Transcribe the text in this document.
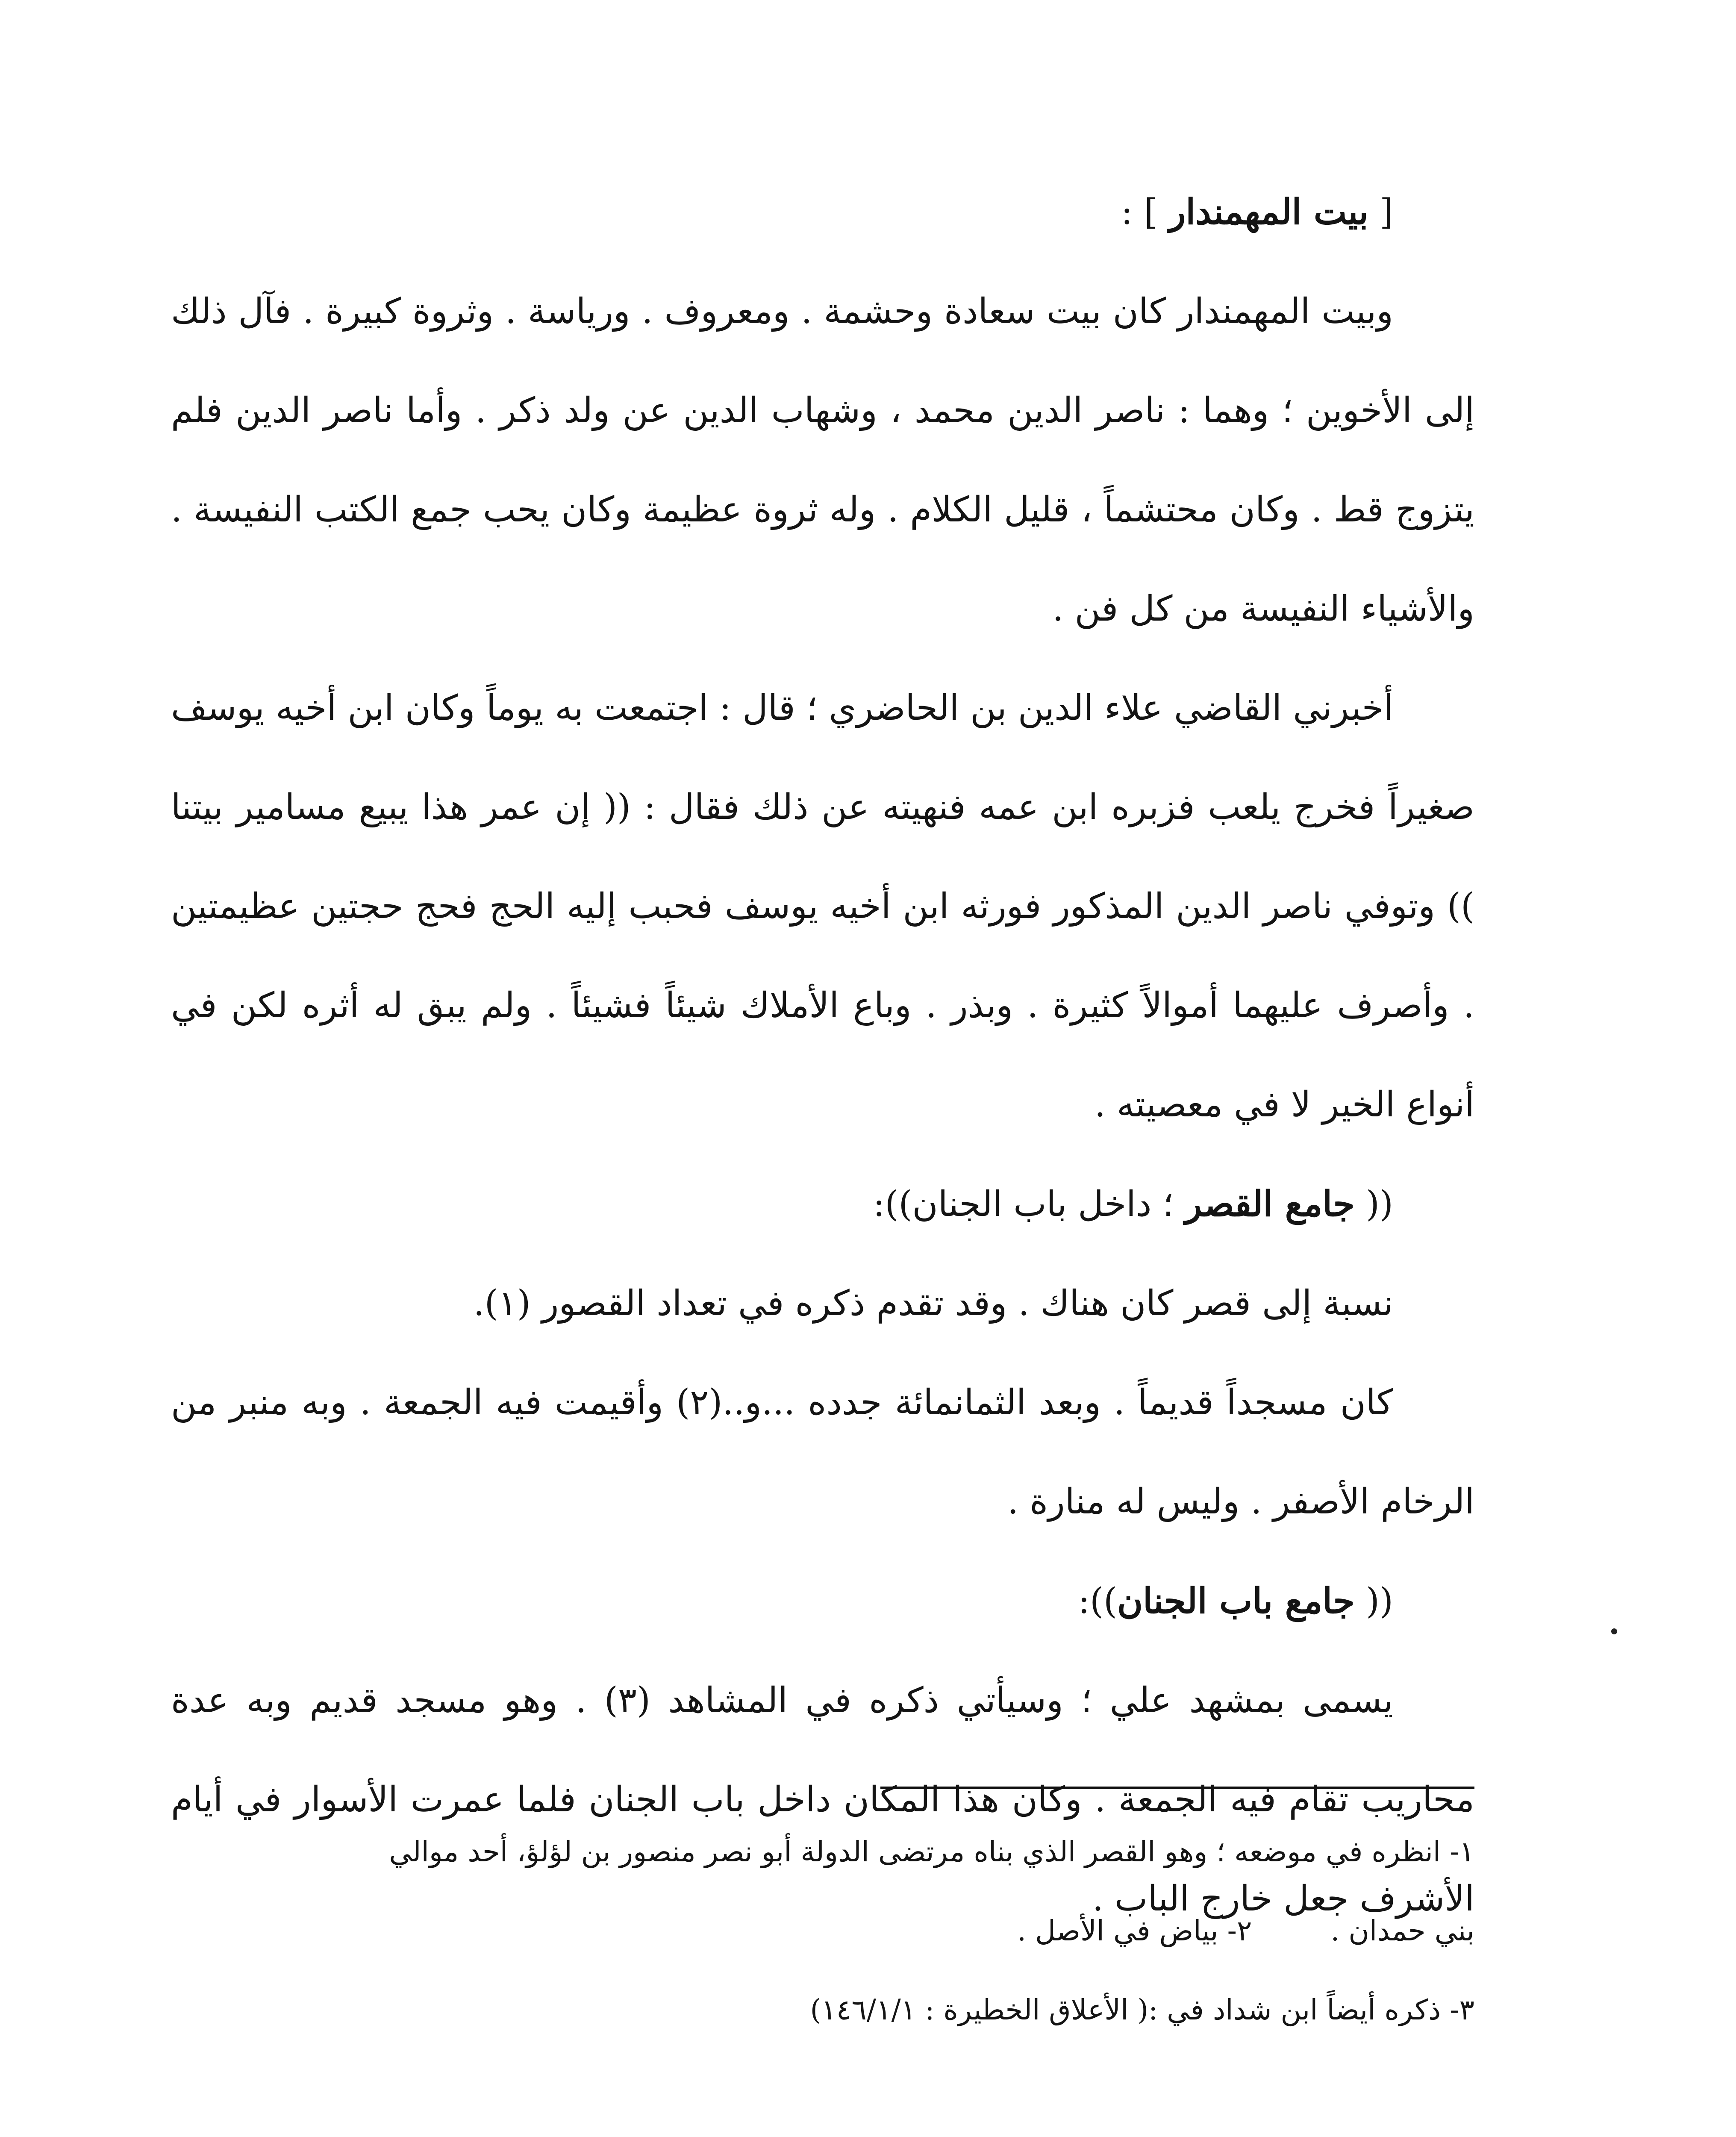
[ بيت المهمندار ] :

وبيت المهمندار كان بيت سعادة وحشمة . ومعروف . ورياسة . وثروة كبيرة . فآل ذلك إلى الأخوين ؛ وهما : ناصر الدين محمد ، وشهاب الدين عن ولد ذكر . وأما ناصر الدين فلم يتزوج قط . وكان محتشماً ، قليل الكلام . وله ثروة عظيمة وكان يحب جمع الكتب النفيسة . والأشياء النفيسة من كل فن .

أخبرني القاضي علاء الدين بن الحاضري ؛ قال : اجتمعت به يوماً وكان ابن أخيه يوسف صغيراً فخرج يلعب فزبره ابن عمه فنهيته عن ذلك فقال : (( إن عمر هذا يبيع مسامير بيتنا )) وتوفي ناصر الدين المذكور فورثه ابن أخيه يوسف فحبب إليه الحج فحج حجتين عظيمتين . وأصرف عليهما أموالاً كثيرة . وبذر . وباع الأملاك شيئاً فشيئاً . ولم يبق له أثره لكن في أنواع الخير لا في معصيته .

(( جامع القصر ؛ داخل باب الجنان)):

نسبة إلى قصر كان هناك . وقد تقدم ذكره في تعداد القصور (١).

كان مسجداً قديماً . وبعد الثمانمائة جدده ...و..(٢) وأقيمت فيه الجمعة . وبه منبر من الرخام الأصفر . وليس له منارة .

(( جامع باب الجنان)):

يسمى بمشهد علي ؛ وسيأتي ذكره في المشاهد (٣) . وهو مسجد قديم وبه عدة محاريب تقام فيه الجمعة . وكان هذا المكان داخل باب الجنان فلما عمرت الأسوار في أيام الأشرف جعل خارج الباب .

١- انظره في موضعه ؛ وهو القصر الذي بناه مرتضى الدولة أبو نصر منصور بن لؤلؤ، أحد موالي

بني حمدان .
٢- بياض في الأصل .

٣- ذكره أيضاً ابن شداد في :( الأعلاق الخطيرة : ١٤٦/١/١)
